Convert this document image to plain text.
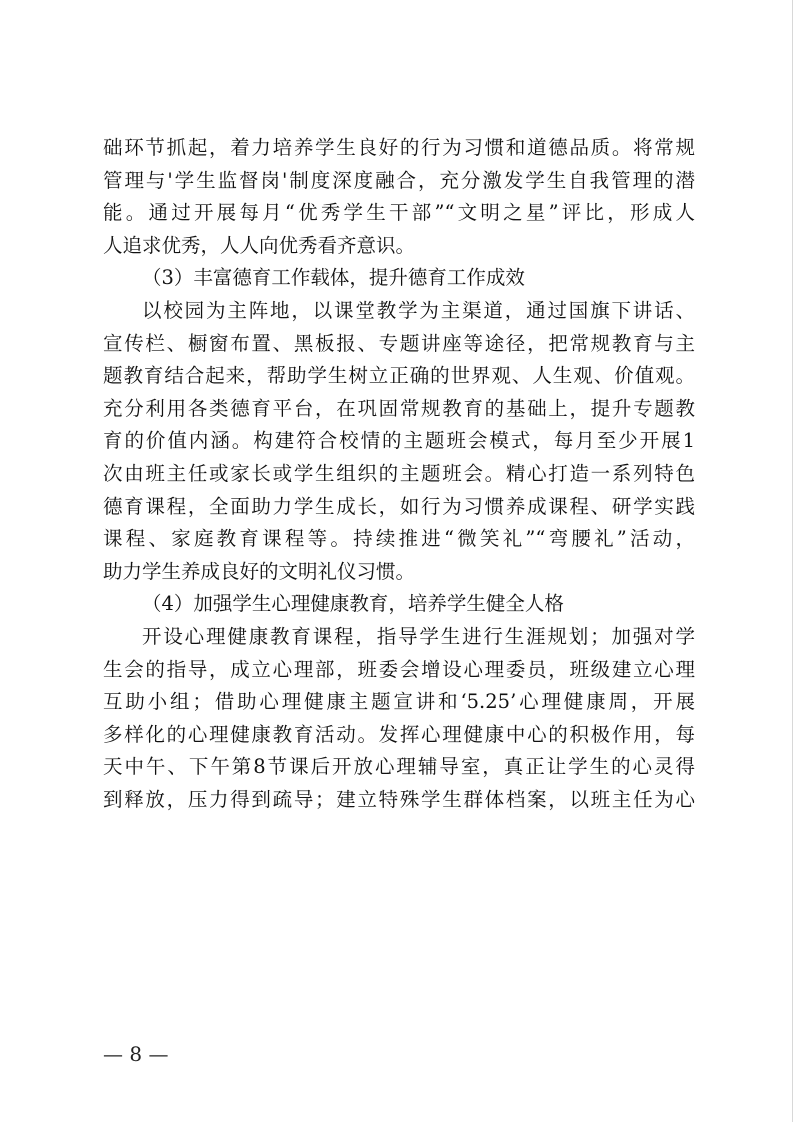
础环节抓起，着力培养学生良好的行为习惯和道德品质。将常规
管理与'学生监督岗'制度深度融合，充分激发学生自我管理的潜
能。通过开展每月“优秀学生干部”“文明之星”评比，形成人
人追求优秀，人人向优秀看齐意识。
（3）丰富德育工作载体，提升德育工作成效
以校园为主阵地，以课堂教学为主渠道，通过国旗下讲话、
宣传栏、橱窗布置、黑板报、专题讲座等途径，把常规教育与主
题教育结合起来，帮助学生树立正确的世界观、人生观、价值观。
充分利用各类德育平台，在巩固常规教育的基础上，提升专题教
育的价值内涵。构建符合校情的主题班会模式，每月至少开展1
次由班主任或家长或学生组织的主题班会。精心打造一系列特色
德育课程，全面助力学生成长，如行为习惯养成课程、研学实践
课程、家庭教育课程等。持续推进“微笑礼”“弯腰礼”活动，
助力学生养成良好的文明礼仪习惯。
（4）加强学生心理健康教育，培养学生健全人格
开设心理健康教育课程，指导学生进行生涯规划；加强对学
生会的指导，成立心理部，班委会增设心理委员，班级建立心理
互助小组；借助心理健康主题宣讲和‘5.25’心理健康周，开展
多样化的心理健康教育活动。发挥心理健康中心的积极作用，每
天中午、下午第8节课后开放心理辅导室，真正让学生的心灵得
到释放，压力得到疏导；建立特殊学生群体档案，以班主任为心
— 8 —
